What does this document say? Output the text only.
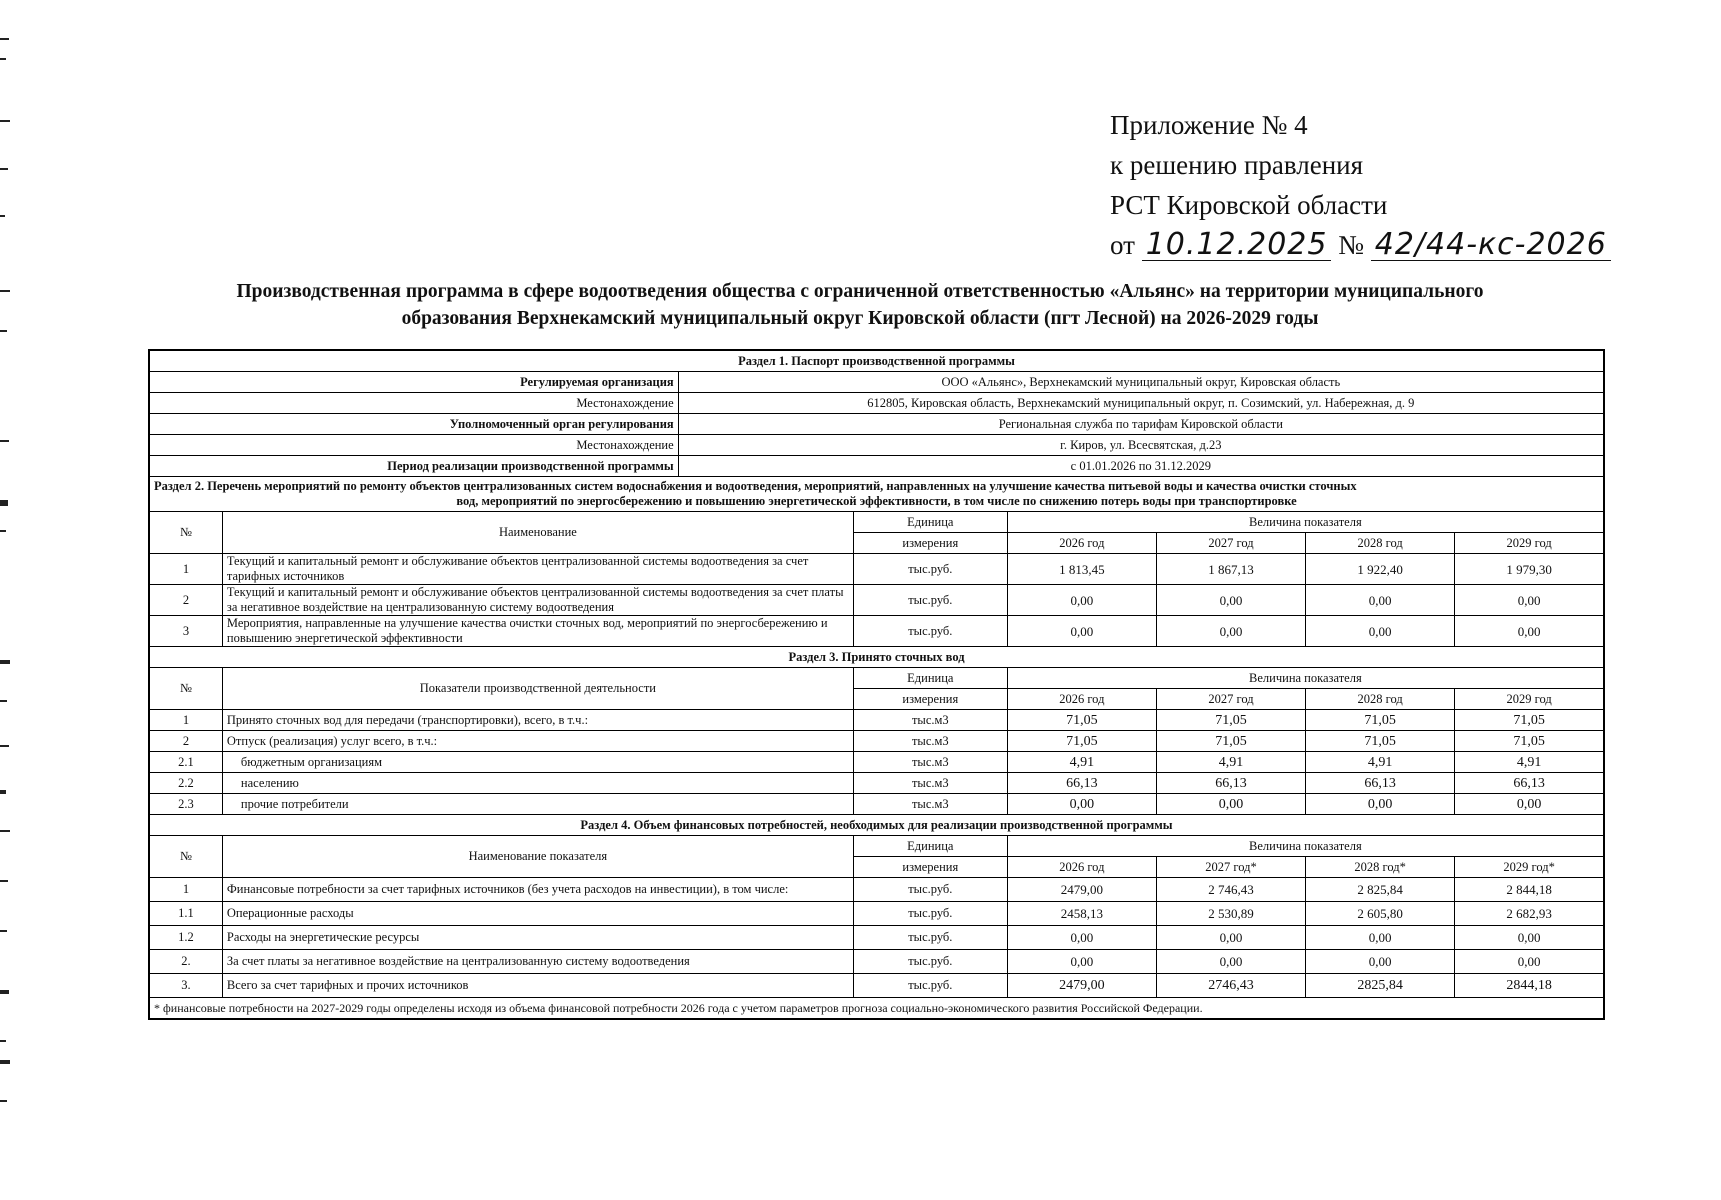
Приложение № 4
к решению правления
РСТ Кировской области
от 10.12.2025 № 42/44-кс-2026
Производственная программа в сфере водоотведения общества с ограниченной ответственностью «Альянс» на территории муниципального
образования Верхнекамский муниципальный округ Кировской области (пгт Лесной) на 2026-2029 годы
Раздел 1. Паспорт производственной программы							
Регулируемая организация		ООО «Альянс», Верхнекамский муниципальный округ, Кировская область					
Местонахождение		612805, Кировская область, Верхнекамский муниципальный округ, п. Созимский, ул. Набережная, д. 9					
Уполномоченный орган регулирования		Региональная служба по тарифам Кировской области					
Местонахождение		г. Киров, ул. Всесвятская, д.23					
Период реализации производственной программы		с 01.01.2026 по 31.12.2029					

Раздел 2. Перечень мероприятий по ремонту объектов централизованных систем водоснабжения и водоотведения, мероприятий, направленных на улучшение качества питьевой воды и качества очистки сточных
вод, мероприятий по энергосбережению и повышению энергетической эффективности, в том числе по снижению потерь воды при транспортировке							

№	Наименование		Единица	Величина показателя			
			измерения	2026 год	2027 год	2028 год	2029 год
1	Текущий и капитальный ремонт и обслуживание объектов централизованной системы водоотведения за счет
тарифных источников		тыс.руб.	1 813,45	1 867,13	1 922,40	1 979,30
2	Текущий и капитальный ремонт и обслуживание объектов централизованной системы водоотведения за счет платы
за негативное воздействие на централизованную систему водоотведения		тыс.руб.	0,00	0,00	0,00	0,00
3	Мероприятия, направленные на улучшение качества очистки сточных вод, мероприятий по энергосбережению и
повышению энергетической эффективности		тыс.руб.	0,00	0,00	0,00	0,00
Раздел 3. Принято сточных вод							
№	Показатели производственной деятельности		Единица	Величина показателя			
			измерения	2026 год	2027 год	2028 год	2029 год
1	Принято сточных вод для передачи (транспортировки), всего, в т.ч.:		тыс.м3	71,05	71,05	71,05	71,05
2	Отпуск (реализация) услуг всего, в т.ч.:		тыс.м3	71,05	71,05	71,05	71,05
2.1	бюджетным организациям		тыс.м3	4,91	4,91	4,91	4,91
2.2	населению		тыс.м3	66,13	66,13	66,13	66,13
2.3	прочие потребители		тыс.м3	0,00	0,00	0,00	0,00
Раздел 4. Объем финансовых потребностей, необходимых для реализации производственной программы							
№	Наименование показателя		Единица	Величина показателя			
			измерения	2026 год	2027 год*	2028 год*	2029 год*
1	Финансовые потребности за счет тарифных источников (без учета расходов на инвестиции), в том числе:		тыс.руб.	2479,00	2 746,43	2 825,84	2 844,18
1.1	Операционные расходы		тыс.руб.	2458,13	2 530,89	2 605,80	2 682,93
1.2	Расходы на энергетические ресурсы		тыс.руб.	0,00	0,00	0,00	0,00
2.	За счет платы за негативное воздействие на централизованную систему водоотведения		тыс.руб.	0,00	0,00	0,00	0,00
3.	Всего за счет тарифных и прочих источников		тыс.руб.	2479,00	2746,43	2825,84	2844,18
* финансовые потребности на 2027-2029 годы определены исходя из объема финансовой потребности 2026 года с учетом параметров прогноза социально-экономического развития Российской Федерации.							
